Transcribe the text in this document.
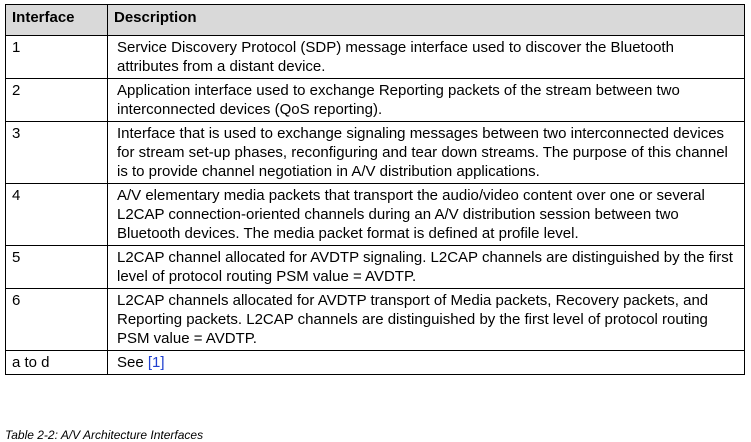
Interface	Description
1	Service Discovery Protocol (SDP) message interface used to discover the Bluetooth attributes from a distant device.
2	Application interface used to exchange Reporting packets of the stream between two interconnected devices (QoS reporting).
3	Interface that is used to exchange signaling messages between two interconnected devices for stream set-up phases, reconfiguring and tear down streams. The purpose of this channel is to provide channel negotiation in A/V distribution applications.
4	A/V elementary media packets that transport the audio/video content over one or several L2CAP connection-oriented channels during an A/V distribution session between two Bluetooth devices. The media packet format is defined at profile level.
5	L2CAP channel allocated for AVDTP signaling. L2CAP channels are distinguished by the first level of protocol routing PSM value = AVDTP.
6	L2CAP channels allocated for AVDTP transport of Media packets, Recovery packets, and Reporting packets. L2CAP channels are distinguished by the first level of protocol routing PSM value = AVDTP.
a to d	See [1]
Table 2-2: A/V Architecture Interfaces
